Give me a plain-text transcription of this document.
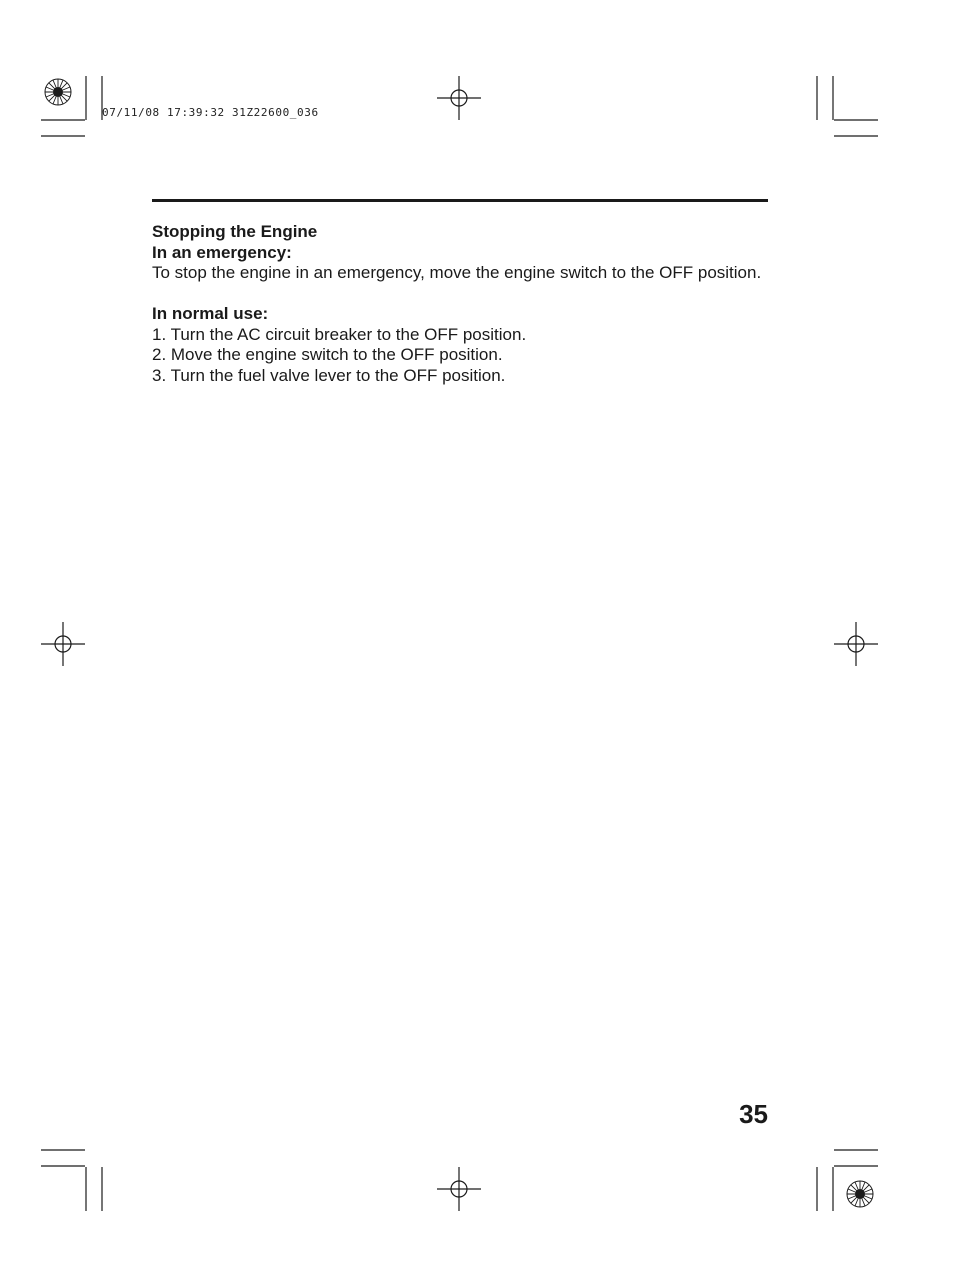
07/11/08 17:39:32 31Z22600_036
Stopping the Engine
In an emergency:

To stop the engine in an emergency, move the engine switch to the OFF position.

In normal use:
1. Turn the AC circuit breaker to the OFF position.
2. Move the engine switch to the OFF position.
3. Turn the fuel valve lever to the OFF position.
35
